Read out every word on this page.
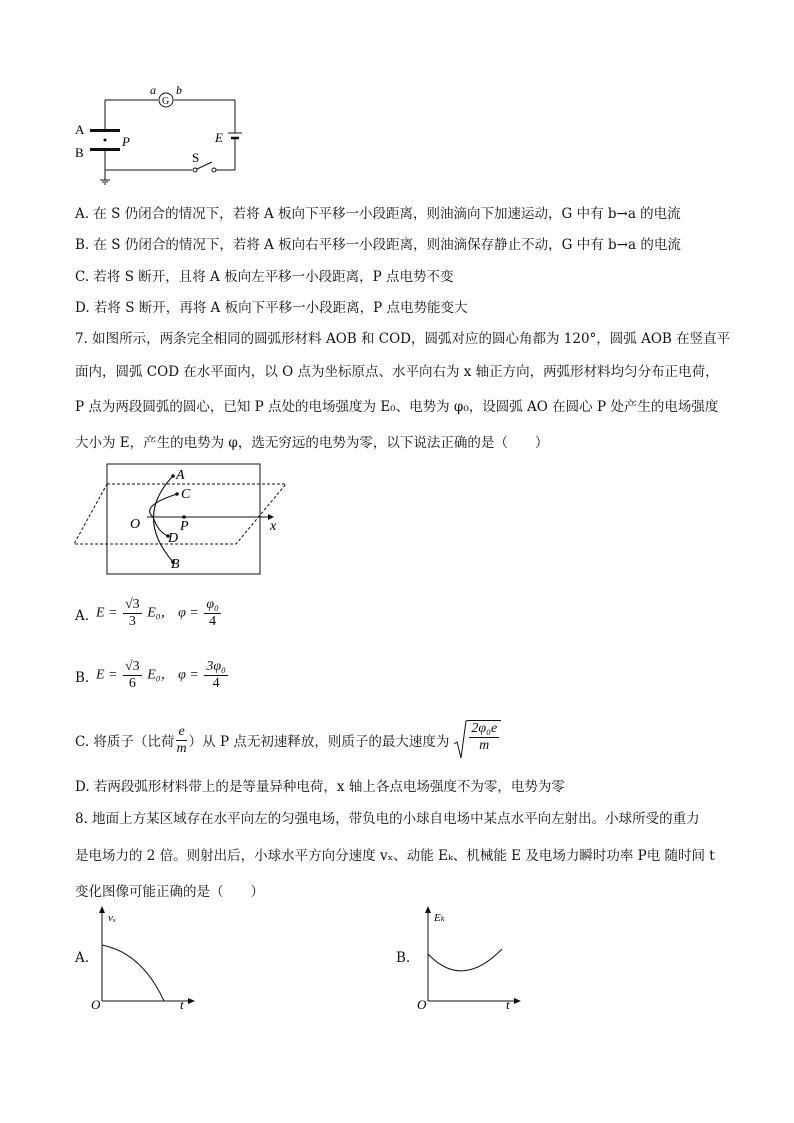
G
a b
A
P
B	S
E
A. 在 S 仍闭合的情况下，若将 A 板向下平移一小段距离，则油滴向下加速运动，G 中有 b→a 的电流
B. 在 S 仍闭合的情况下，若将 A 板向右平移一小段距离，则油滴保存静止不动，G 中有 b→a 的电流
C. 若将 S 断开，且将 A 板向左平移一小段距离，P 点电势不变
D. 若将 S 断开，再将 A 板向下平移一小段距离，P 点电势能变大
7. 如图所示，两条完全相同的圆弧形材料 AOB 和 COD，圆弧对应的圆心角都为 120°，圆弧 AOB 在竖直平
面内，圆弧 COD 在水平面内，以 O 点为坐标原点、水平向右为 x 轴正方向，两弧形材料均匀分布正电荷，
P 点为两段圆弧的圆心，已知 P 点处的电场强度为 E₀、电势为 φ₀，设圆弧 AO 在圆心 P 处产生的电场强度
大小为 E，产生的电势为 φ，选无穷远的电势为零，以下说法正确的是（　　）
x
A
C
O	P
D
B
A. $E = \frac{√3}{3} E_0$， $\varphi = \frac{\text{φ₀}}{4}$
B. $E = \frac{√3}{6} E_0$， $\varphi = \frac{\text{3φ₀}}{4}$
C. 将质子（比荷 $\frac{e}{m}$ ）从 P 点无初速释放，则质子的最大速度为 $\frac{\text{2φ₀e}}{m}$
D. 若两段弧形材料带上的是等量异种电荷，x 轴上各点电场强度不为零，电势为零
8. 地面上方某区域存在水平向左的匀强电场，带负电的小球自电场中某点水平向左射出。小球所受的重力
是电场力的 2 倍。则射出后，小球水平方向分速度 vₓ、动能 Eₖ、机械能 E 及电场力瞬时功率 P电 随时间 t
变化图像可能正确的是（　　）
A.
vₓ
O	t
B.
Eₖ
O	t
